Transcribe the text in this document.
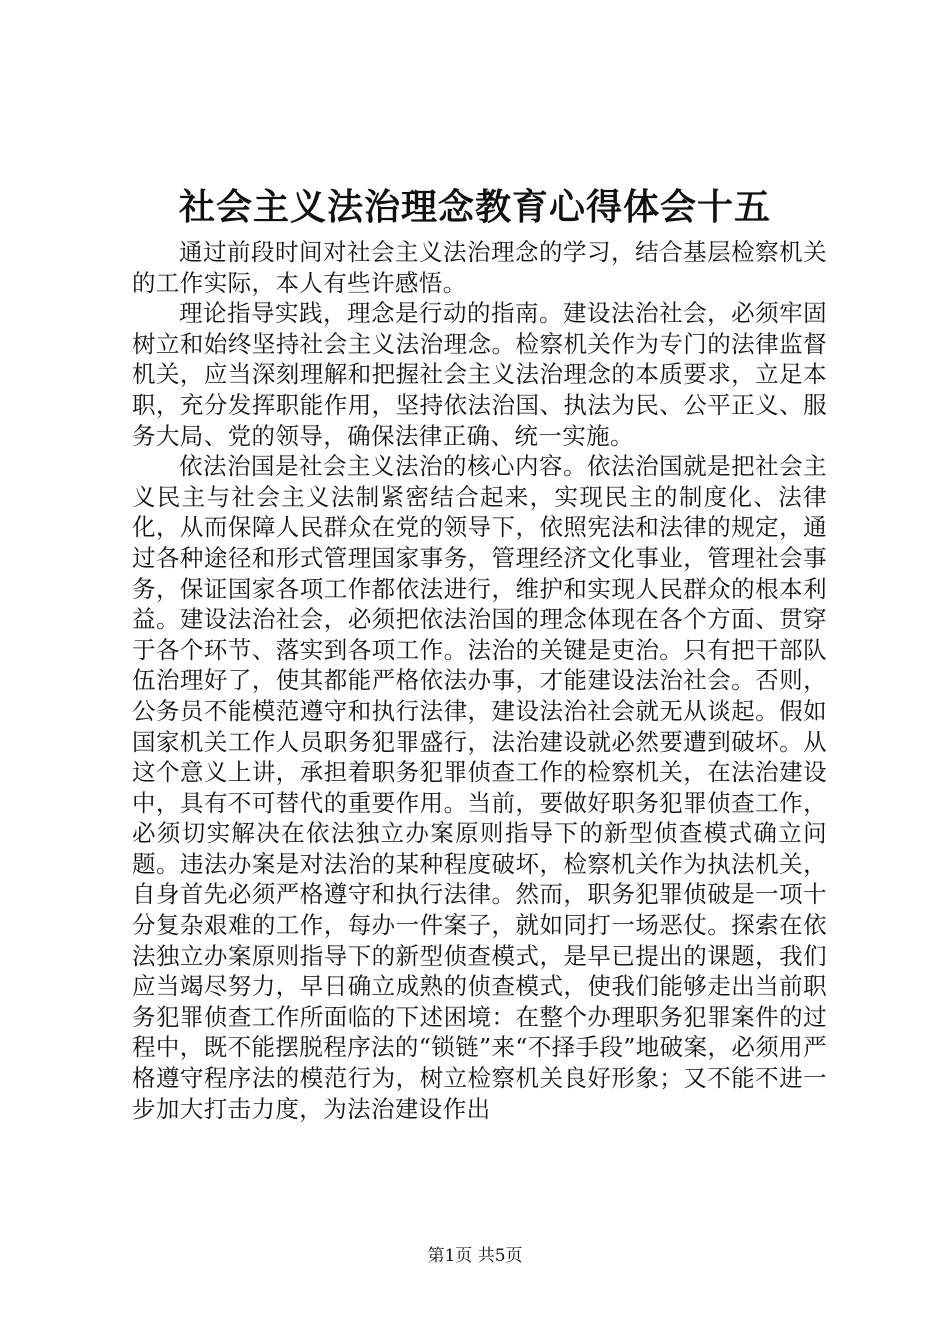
社会主义法治理念教育心得体会十五

通过前段时间对社会主义法治理念的学习，结合基层检察机关的工作实际，本人有些许感悟。

理论指导实践，理念是行动的指南。建设法治社会，必须牢固树立和始终坚持社会主义法治理念。检察机关作为专门的法律监督机关，应当深刻理解和把握社会主义法治理念的本质要求，立足本职，充分发挥职能作用，坚持依法治国、执法为民、公平正义、服务大局、党的领导，确保法律正确、统一实施。

依法治国是社会主义法治的核心内容。依法治国就是把社会主义民主与社会主义法制紧密结合起来，实现民主的制度化、法律化，从而保障人民群众在党的领导下，依照宪法和法律的规定，通过各种途径和形式管理国家事务，管理经济文化事业，管理社会事务，保证国家各项工作都依法进行，维护和实现人民群众的根本利益。建设法治社会，必须把依法治国的理念体现在各个方面、贯穿于各个环节、落实到各项工作。法治的关键是吏治。只有把干部队伍治理好了，使其都能严格依法办事，才能建设法治社会。否则，公务员不能模范遵守和执行法律，建设法治社会就无从谈起。假如国家机关工作人员职务犯罪盛行，法治建设就必然要遭到破坏。从这个意义上讲，承担着职务犯罪侦查工作的检察机关，在法治建设中，具有不可替代的重要作用。当前，要做好职务犯罪侦查工作，必须切实解决在依法独立办案原则指导下的新型侦查模式确立问题。违法办案是对法治的某种程度破坏，检察机关作为执法机关，自身首先必须严格遵守和执行法律。然而，职务犯罪侦破是一项十分复杂艰难的工作，每办一件案子，就如同打一场恶仗。探索在依法独立办案原则指导下的新型侦查模式，是早已提出的课题，我们应当竭尽努力，早日确立成熟的侦查模式，使我们能够走出当前职务犯罪侦查工作所面临的下述困境：在整个办理职务犯罪案件的过程中，既不能摆脱程序法的“锁链”来“不择手段”地破案，必须用严格遵守程序法的模范行为，树立检察机关良好形象；又不能不进一步加大打击力度，为法治建设作出

第1页 共5页
